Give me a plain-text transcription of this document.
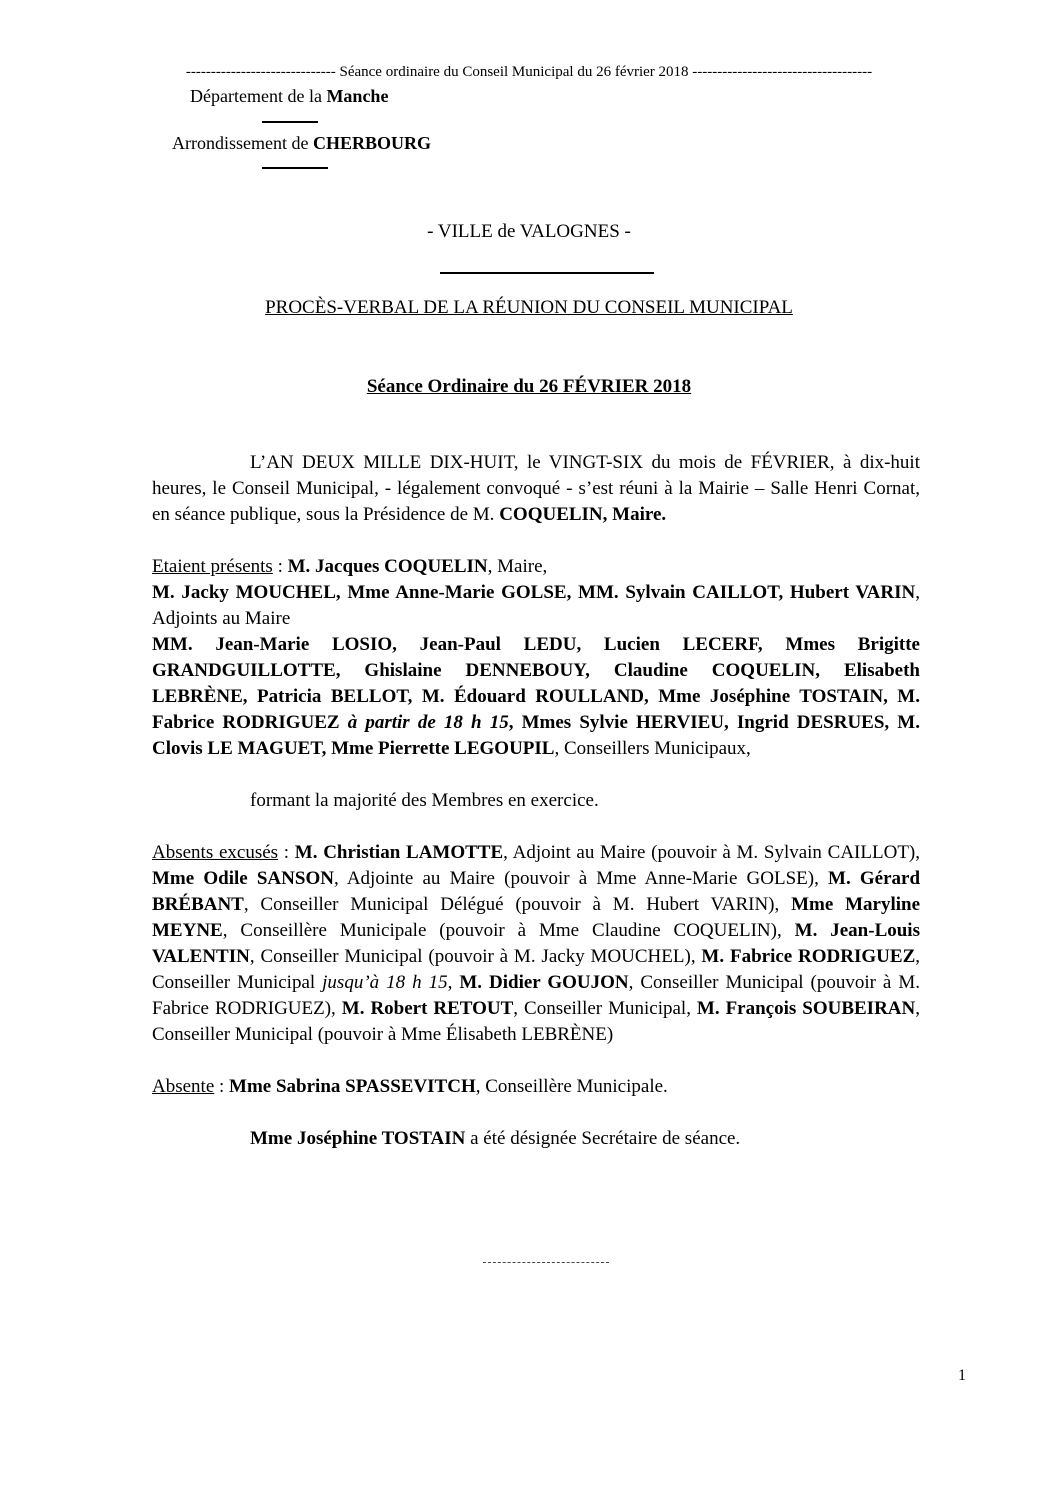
------------------------------ Séance ordinaire du Conseil Municipal du 26 février 2018 ------------------------------------
Département de la Manche
Arrondissement de CHERBOURG
- VILLE de VALOGNES -
PROCÈS-VERBAL DE LA RÉUNION DU CONSEIL MUNICIPAL
Séance Ordinaire du 26 FÉVRIER 2018

L’AN DEUX MILLE DIX-HUIT, le VINGT-SIX du mois de FÉVRIER, à dix-huit heures, le Conseil Municipal, - légalement convoqué - s’est réuni à la Mairie – Salle Henri Cornat, en séance publique, sous la Présidence de M. COQUELIN, Maire.

Etaient présents : M. Jacques COQUELIN, Maire,

M. Jacky MOUCHEL, Mme Anne-Marie GOLSE, MM. Sylvain CAILLOT, Hubert VARIN, Adjoints au Maire

MM. Jean-Marie LOSIO, Jean-Paul LEDU, Lucien LECERF, Mmes Brigitte GRANDGUILLOTTE, Ghislaine DENNEBOUY, Claudine COQUELIN, Elisabeth LEBRÈNE, Patricia BELLOT, M. Édouard ROULLAND, Mme Joséphine TOSTAIN, M. Fabrice RODRIGUEZ à partir de 18 h 15, Mmes Sylvie HERVIEU, Ingrid DESRUES, M. Clovis LE MAGUET, Mme Pierrette LEGOUPIL, Conseillers Municipaux,

formant la majorité des Membres en exercice.

Absents excusés : M. Christian LAMOTTE, Adjoint au Maire (pouvoir à M. Sylvain CAILLOT), Mme Odile SANSON, Adjointe au Maire (pouvoir à Mme Anne-Marie GOLSE), M. Gérard BRÉBANT, Conseiller Municipal Délégué (pouvoir à M. Hubert VARIN), Mme Maryline MEYNE, Conseillère Municipale (pouvoir à Mme Claudine COQUELIN), M. Jean-Louis VALENTIN, Conseiller Municipal (pouvoir à M. Jacky MOUCHEL), M. Fabrice RODRIGUEZ, Conseiller Municipal jusqu’à 18 h 15, M. Didier GOUJON, Conseiller Municipal (pouvoir à M. Fabrice RODRIGUEZ), M. Robert RETOUT, Conseiller Municipal, M. François SOUBEIRAN, Conseiller Municipal (pouvoir à Mme Élisabeth LEBRÈNE)

Absente : Mme Sabrina SPASSEVITCH, Conseillère Municipale.

Mme Joséphine TOSTAIN a été désignée Secrétaire de séance.

1
